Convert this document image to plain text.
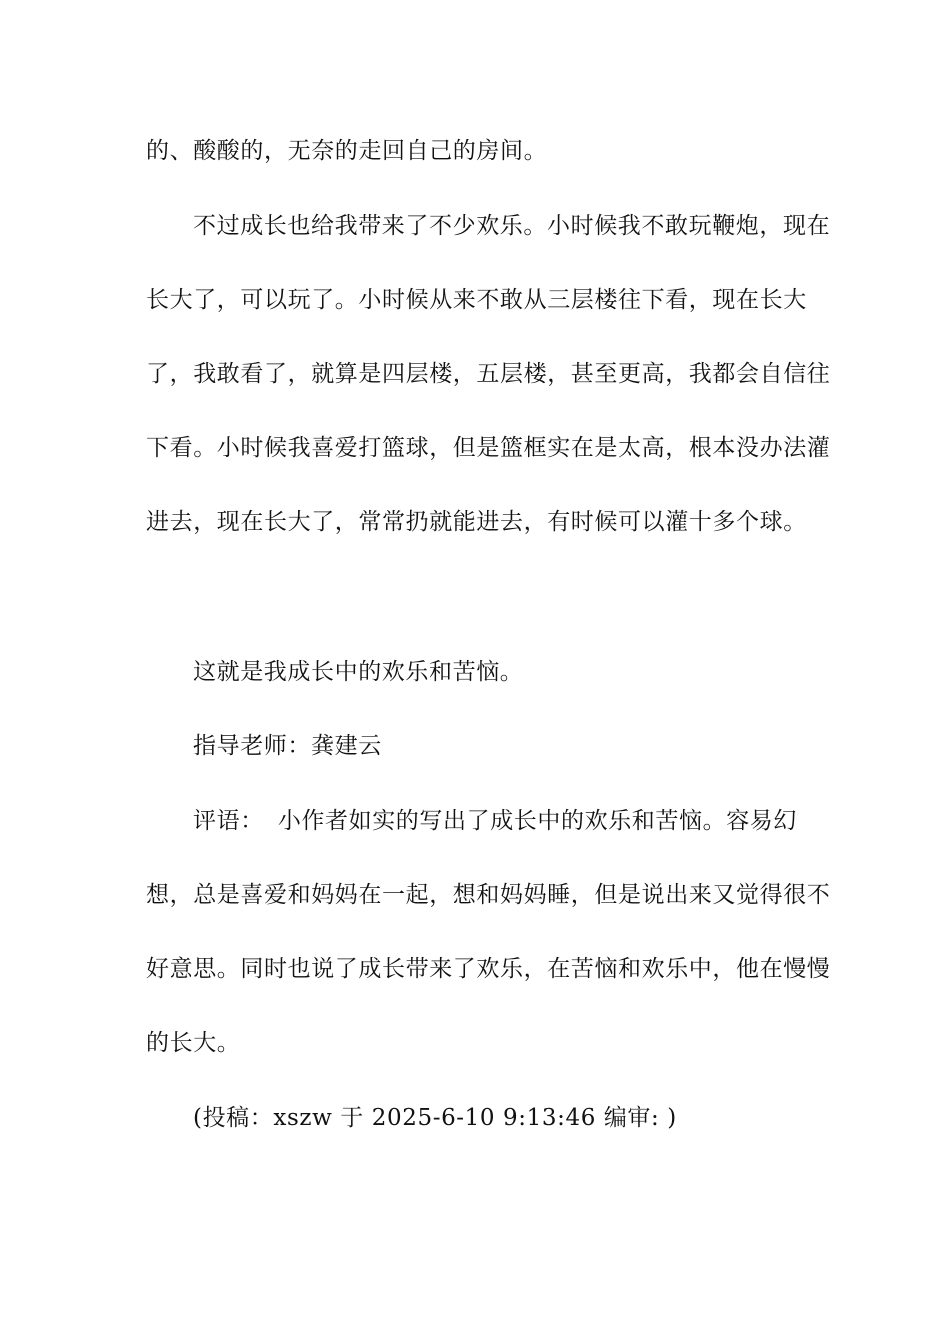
的、酸酸的，无奈的走回自己的房间。

不过成长也给我带来了不少欢乐。小时候我不敢玩鞭炮，现在长大了，可以玩了。小时候从来不敢从三层楼往下看，现在长大了，我敢看了，就算是四层楼，五层楼，甚至更高，我都会自信往下看。小时候我喜爱打篮球，但是篮框实在是太高，根本没办法灌进去，现在长大了，常常扔就能进去，有时候可以灌十多个球。

这就是我成长中的欢乐和苦恼。

指导老师：龚建云

评语： 小作者如实的写出了成长中的欢乐和苦恼。容易幻想，总是喜爱和妈妈在一起，想和妈妈睡，但是说出来又觉得很不好意思。同时也说了成长带来了欢乐，在苦恼和欢乐中，他在慢慢的长大。

(投稿：xszw 于 2025-6-10 9:13:46 编审: )
